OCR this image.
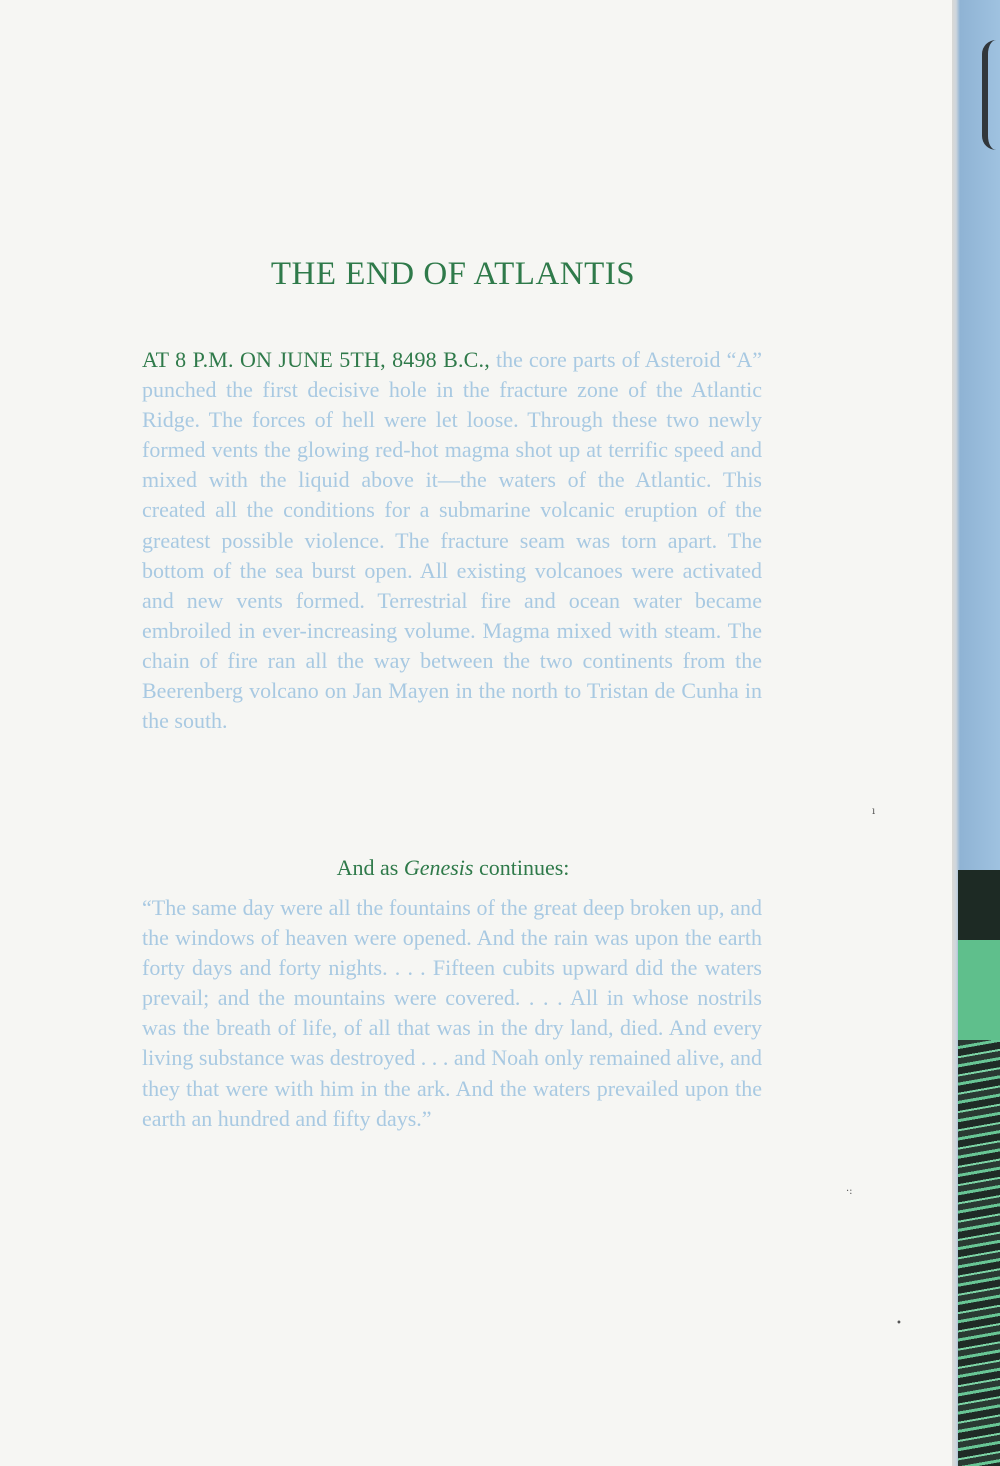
THE END OF ATLANTIS

AT 8 P.M. ON JUNE 5TH, 8498 B.C., the core parts of Asteroid “A” punched the first decisive hole in the fracture zone of the Atlantic Ridge. The forces of hell were let loose. Through these two newly formed vents the glowing red-hot magma shot up at terrific speed and mixed with the liquid above it—the waters of the Atlantic. This created all the conditions for a submarine volcanic eruption of the greatest possible violence. The fracture seam was torn apart. The bottom of the sea burst open. All existing volcanoes were activated and new vents formed. Terrestrial fire and ocean water became embroiled in ever-increasing volume. Magma mixed with steam. The chain of fire ran all the way between the two continents from the Beerenberg volcano on Jan Mayen in the north to Tristan de Cunha in the south.

And as Genesis continues:

“The same day were all the fountains of the great deep broken up, and the windows of heaven were opened. And the rain was upon the earth forty days and forty nights. . . . Fifteen cubits upward did the waters prevail; and the mountains were covered. . . . All in whose nostrils was the breath of life, of all that was in the dry land, died. And every living substance was destroyed . . . and Noah only remained alive, and they that were with him in the ark. And the waters prevailed upon the earth an hundred and fifty days.”

ı
·:
•
